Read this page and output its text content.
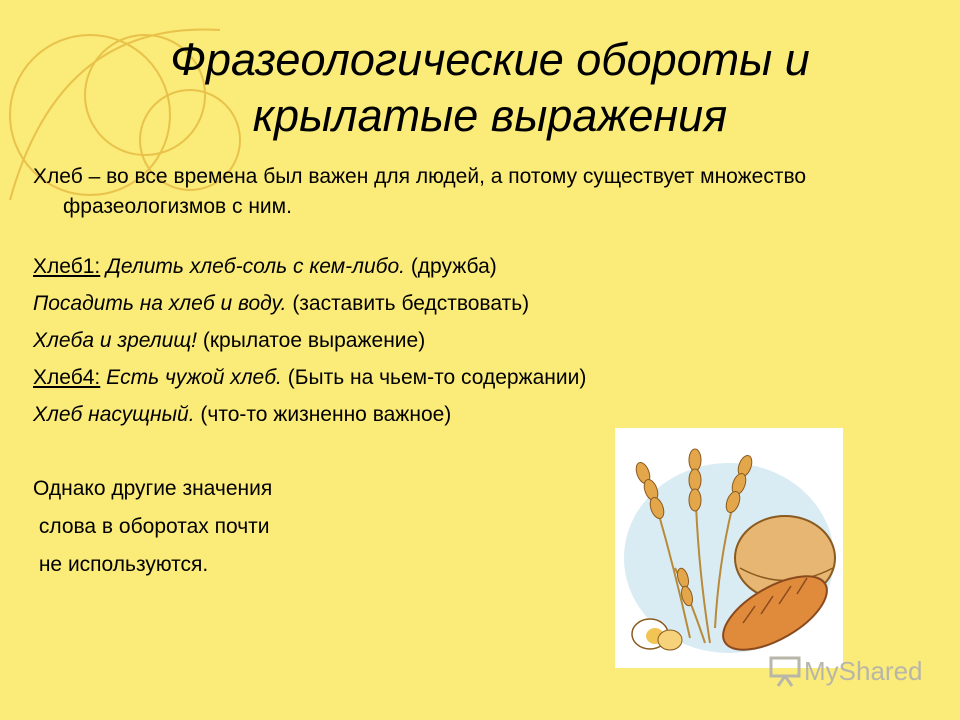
Фразеологические обороты и крылатые выражения

Хлеб – во все времена был важен для людей, а потому существует множество фразеологизмов с ним.

Хлеб1: Делить хлеб-соль с кем-либо. (дружба)

Посадить на хлеб и воду. (заставить бедствовать)

Хлеба и зрелищ! (крылатое выражение)

Хлеб4: Есть чужой хлеб. (Быть на чьем-то содержании)

Хлеб насущный. (что-то жизненно важное)

Однако другие значения
слова в оборотах почти
не используются.
MyShared
